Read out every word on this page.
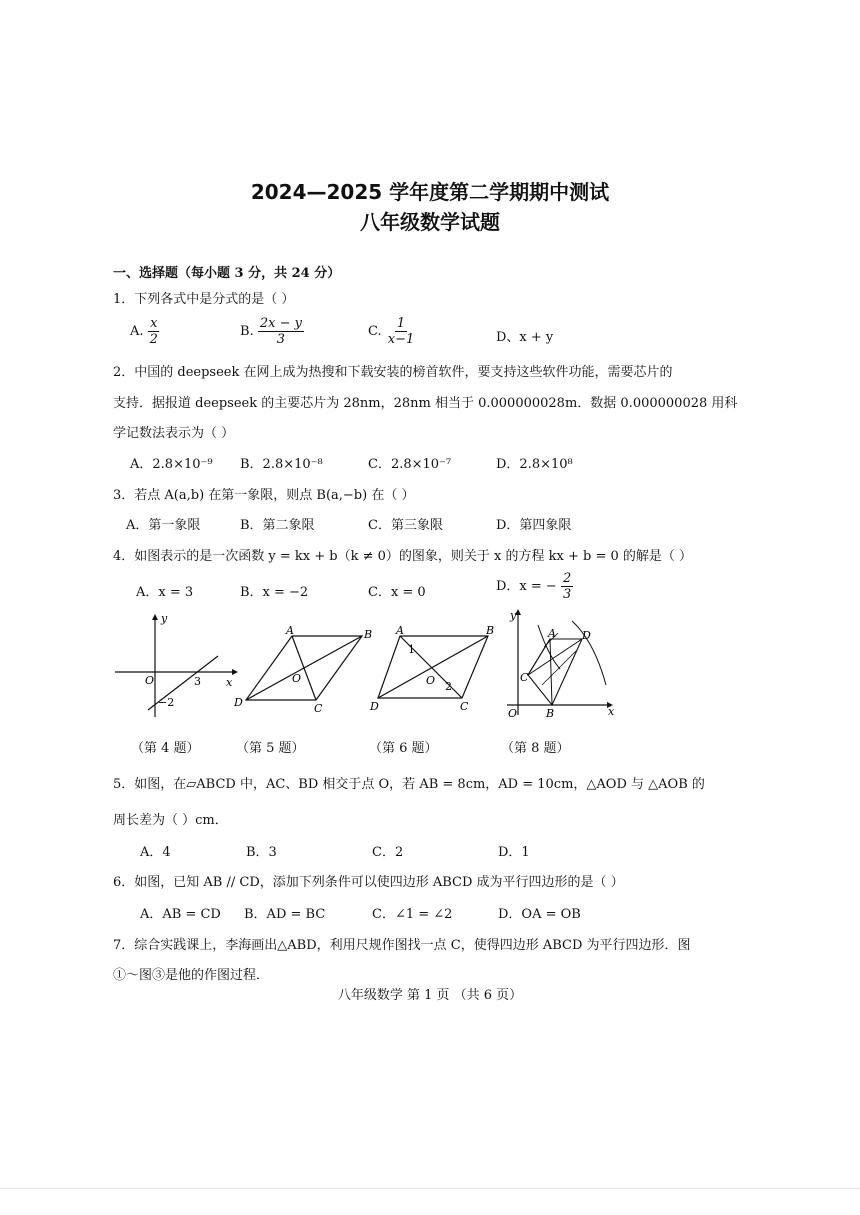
2024—2025 学年度第二学期期中测试
八年级数学试题
一、选择题（每小题 3 分，共 24 分）
1．下列各式中是分式的是（ ）
A. $\frac{x}{2}$	B. $\frac{2x - y}{3}$	C. $\frac{1}{x-1}$	D、x + y
2．中国的 deepseek 在网上成为热搜和下载安装的榜首软件，要支持这些软件功能，需要芯片的
支持．据报道 deepseek 的主要芯片为 28nm，28nm 相当于 0.000000028m．数据 0.000000028 用科
学记数法表示为（ ）
A．2.8×10⁻⁹ B．2.8×10⁻⁸	C．2.8×10⁻⁷	D．2.8×10⁸
3．若点 A(a,b) 在第一象限，则点 B(a,−b) 在（ ）
A．第一象限	B．第二象限	C．第三象限	D．第四象限
4．如图表示的是一次函数 y = kx + b（k ≠ 0）的图象，则关于 x 的方程 kx + b = 0 的解是（ ）
A．x = 3	B．x = −2	C．x = 0	D．x = − $\frac{2}{3}$
y
x
O	3
−2
（第 4 题）
A	B
C
D
O
（第 5 题）
A	B
C
D
O
1
2
（第 6 题）
y
x
O
A
B
C
D
（第 8 题）
5．如图，在▱ABCD 中，AC、BD 相交于点 O，若 AB = 8cm，AD = 10cm，△AOD 与 △AOB 的
周长差为（ ）cm．
A．4	B．3	C．2	D．1
6．如图，已知 AB // CD，添加下列条件可以使四边形 ABCD 成为平行四边形的是（ ）
A．AB = CD B．AD = BC	C．∠1 = ∠2	D．OA = OB
7．综合实践课上，李海画出△ABD，利用尺规作图找一点 C，使得四边形 ABCD 为平行四边形．图
①～图③是他的作图过程．
八年级数学 第 1 页 （共 6 页）
